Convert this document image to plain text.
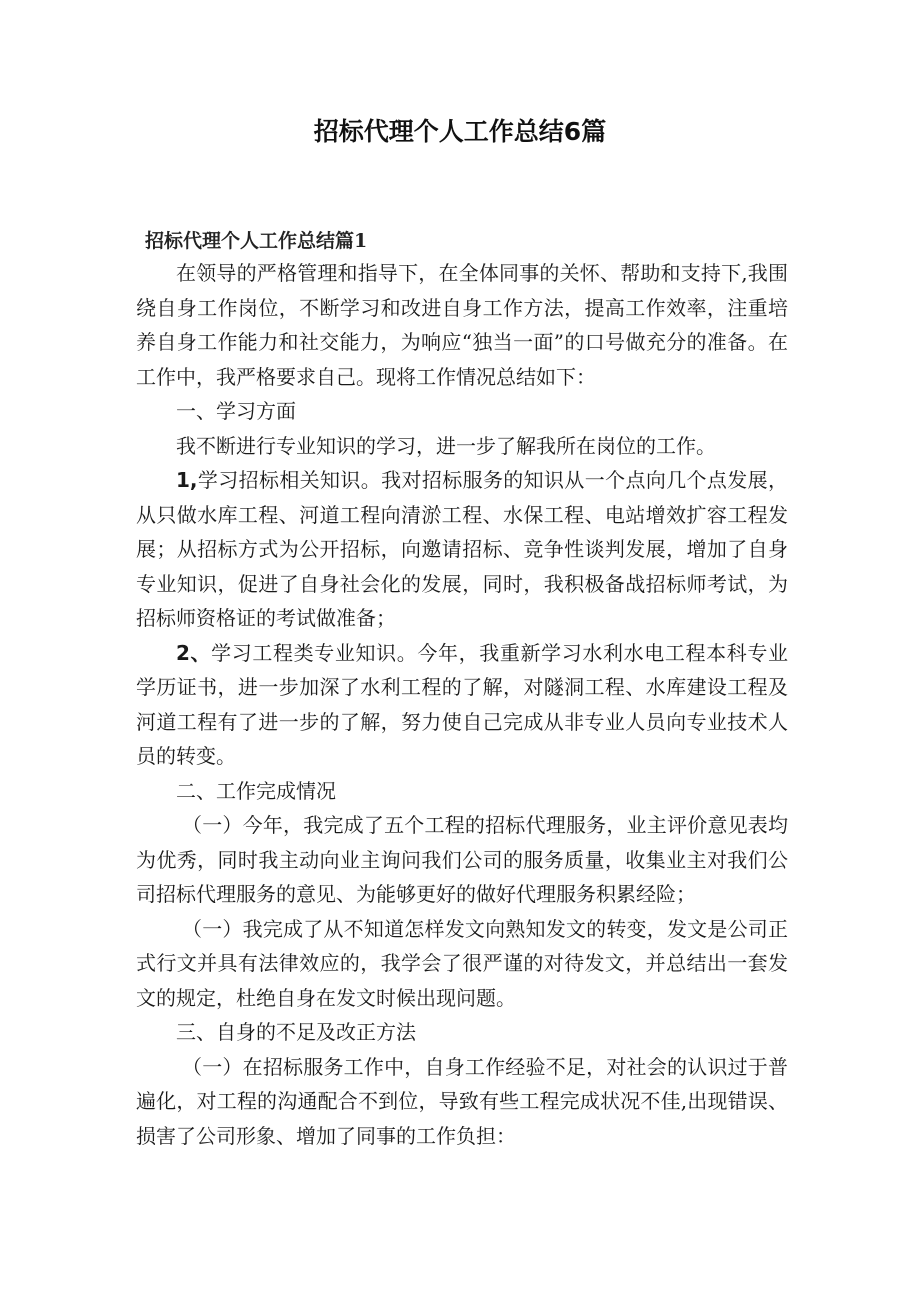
招标代理个人工作总结6篇
招标代理个人工作总结篇1

在领导的严格管理和指导下，在全体同事的关怀、帮助和支持下,我围绕自身工作岗位，不断学习和改进自身工作方法，提高工作效率，注重培养自身工作能力和社交能力，为响应“独当一面”的口号做充分的准备。在工作中，我严格要求自己。现将工作情况总结如下：

一、学习方面

我不断进行专业知识的学习，进一步了解我所在岗位的工作。

1,学习招标相关知识。我对招标服务的知识从一个点向几个点发展，从只做水库工程、河道工程向清淤工程、水保工程、电站增效扩容工程发展；从招标方式为公开招标，向邀请招标、竞争性谈判发展，增加了自身专业知识，促进了自身社会化的发展，同时，我积极备战招标师考试，为招标师资格证的考试做准备；

2、学习工程类专业知识。今年，我重新学习水利水电工程本科专业学历证书，进一步加深了水利工程的了解，对隧洞工程、水库建设工程及河道工程有了进一步的了解，努力使自己完成从非专业人员向专业技术人员的转变。

二、工作完成情况

（一）今年，我完成了五个工程的招标代理服务，业主评价意见表均为优秀，同时我主动向业主询问我们公司的服务质量，收集业主对我们公司招标代理服务的意见、为能够更好的做好代理服务积累经险；

（一）我完成了从不知道怎样发文向熟知发文的转变，发文是公司正式行文并具有法律效应的，我学会了很严谨的对待发文，并总结出一套发文的规定，杜绝自身在发文时候出现问题。

三、自身的不足及改正方法

（一）在招标服务工作中，自身工作经验不足，对社会的认识过于普遍化，对工程的沟通配合不到位，导致有些工程完成状况不佳,出现错误、损害了公司形象、增加了同事的工作负担：
